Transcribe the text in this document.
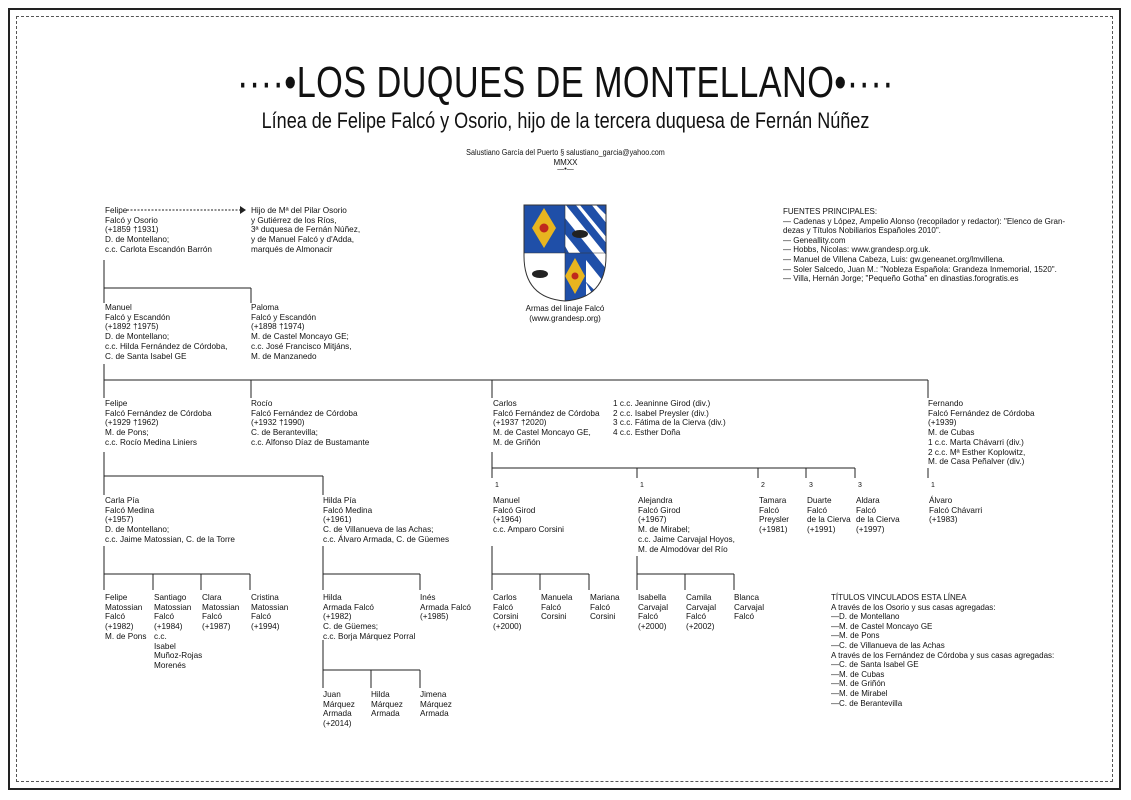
····•LOS DUQUES DE MONTELLANO•····
Línea de Felipe Falcó y Osorio, hijo de la tercera duquesa de Fernán Núñez
Salustiano García del Puerto § salustiano_garcia@yahoo.com
MMXX
—•—
Armas del linaje Falcó
(www.grandesp.org)
FUENTES PRINCIPALES:
— Cadenas y López, Ampelio Alonso (recopilador y redactor): "Elenco de Gran-
dezas y Títulos Nobiliarios Españoles 2010".
— Geneallity.com
— Hobbs, Nicolas: www.grandesp.org.uk.
— Manuel de Villena Cabeza, Luis: gw.geneanet.org/lmvillena.
— Soler Salcedo, Juan M.: "Nobleza Española: Grandeza Inmemorial, 1520".
— Villa, Hernán Jorge; "Pequeño Gotha" en dinastias.forogratis.es
TÍTULOS VINCULADOS ESTA LÍNEA
A través de los Osorio y sus casas agregadas:
—D. de Montellano
—M. de Castel Moncayo GE
—M. de Pons
—C. de Villanueva de las Achas
A través de los Fernández de Córdoba y sus casas agregadas:
—C. de Santa Isabel GE
—M. de Cubas
—M. de Griñón
—M. de Mirabel
—C. de Berantevilla
Felipe
Falcó y Osorio
(+1859 †1931)
D. de Montellano;
c.c. Carlota Escandón Barrón
Hijo de Mª del Pilar Osorio
y Gutiérrez de los Ríos,
3ª duquesa de Fernán Núñez,
y de Manuel Falcó y d'Adda,
marqués de Almonacir
Manuel
Falcó y Escandón
(+1892 †1975)
D. de Montellano;
c.c. Hilda Fernández de Córdoba,
C. de Santa Isabel GE
Paloma
Falcó y Escandón
(+1898 †1974)
M. de Castel Moncayo GE;
c.c. José Francisco Mitjáns,
M. de Manzanedo
Felipe
Falcó Fernández de Córdoba
(+1929 †1962)
M. de Pons;
c.c. Rocío Medina Liniers
Rocío
Falcó Fernández de Córdoba
(+1932 †1990)
C. de Berantevilla;
c.c. Alfonso Díaz de Bustamante
Carlos
Falcó Fernández de Córdoba
(+1937 †2020)
M. de Castel Moncayo GE,
M. de Griñón
1 c.c. Jeaninne Girod (div.)
2 c.c. Isabel Preysler (div.)
3 c.c. Fátima de la Cierva (div.)
4 c.c. Esther Doña
Fernando
Falcó Fernández de Córdoba
(+1939)
M. de Cubas
1 c.c. Marta Chávarri (div.)
2 c.c. Mª Esther Koplowitz,
M. de Casa Peñalver (div.)
Carla Pía
Falcó Medina
(+1957)
D. de Montellano;
c.c. Jaime Matossian, C. de la Torre
Hilda Pía
Falcó Medina
(+1961)
C. de Villanueva de las Achas;
c.c. Álvaro Armada, C. de Güemes
Manuel
Falcó Girod
(+1964)
c.c. Amparo Corsini
Alejandra
Falcó Girod
(+1967)
M. de Mirabel;
c.c. Jaime Carvajal Hoyos,
M. de Almodóvar del Río
Tamara
Falcó
Preysler
(+1981)
Duarte
Falcó
de la Cierva
(+1991)
Aldara
Falcó
de la Cierva
(+1997)
Álvaro
Falcó Chávarri
(+1983)
1	1	2	3	3	1
Felipe
Matossian
Falcó
(+1982)
M. de Pons
Santiago
Matossian
Falcó
(+1984)
c.c.
Isabel
Muñoz-Rojas
Morenés
Clara
Matossian
Falcó
(+1987)
Cristina
Matossian
Falcó
(+1994)
Hilda
Armada Falcó
(+1982)
C. de Güemes;
c.c. Borja Márquez Porral
Inés
Armada Falcó
(+1985)
Carlos
Falcó
Corsini
(+2000)
Manuela
Falcó
Corsini
Mariana
Falcó
Corsini
Isabella
Carvajal
Falcó
(+2000)
Camila
Carvajal
Falcó
(+2002)
Blanca
Carvajal
Falcó
Juan
Márquez
Armada
(+2014)
Hilda
Márquez
Armada
Jimena
Márquez
Armada
